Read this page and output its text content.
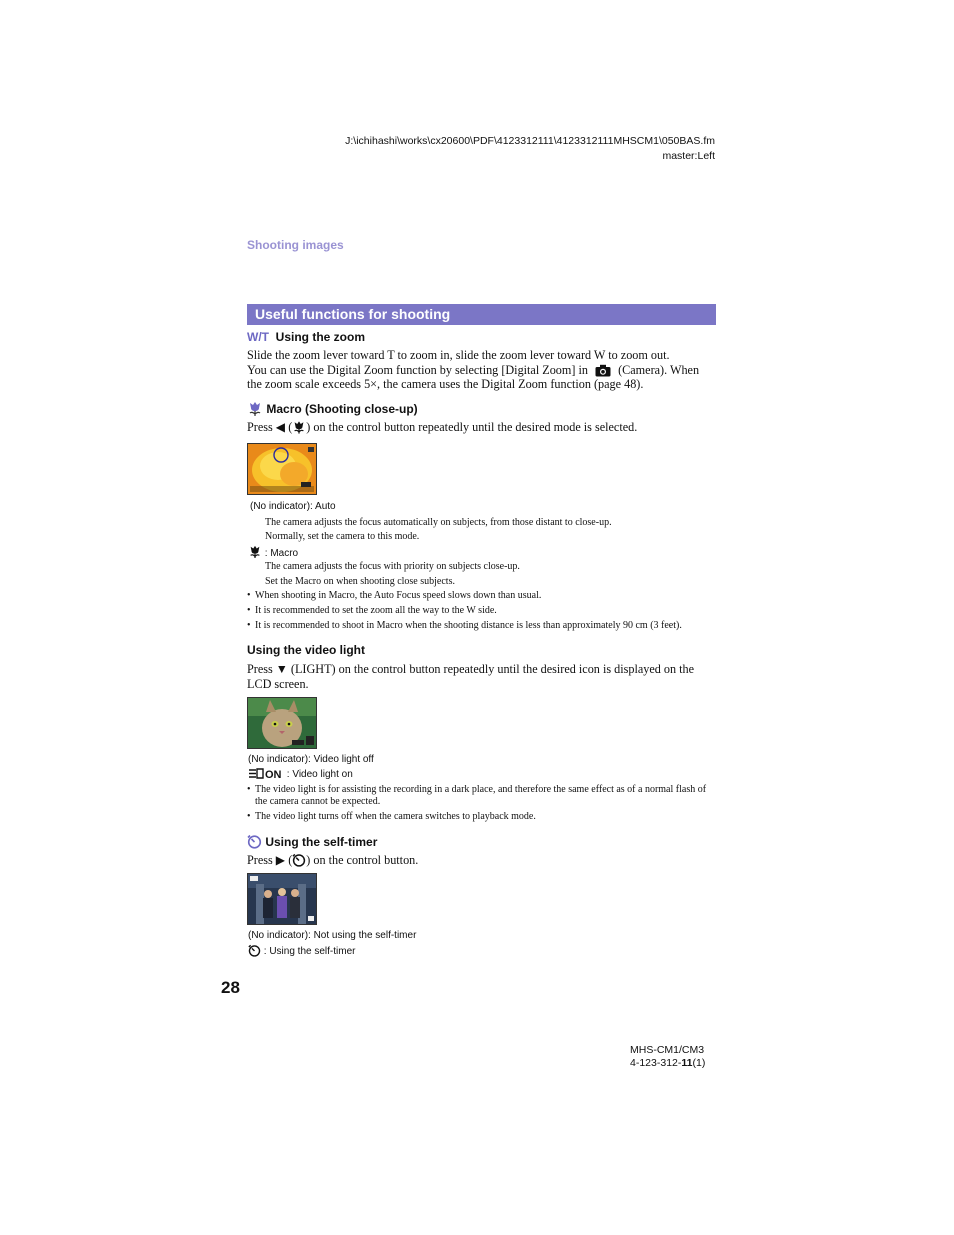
J:\ichihashi\works\cx20600\PDF\4123312111\4123312111MHSCM1\050BAS.fm
master:Left
Shooting images
Useful functions for shooting
W/T Using the zoom
Slide the zoom lever toward T to zoom in, slide the zoom lever toward W to zoom out.
You can use the Digital Zoom function by selecting [Digital Zoom] in (Camera). When
the zoom scale exceeds 5×, the camera uses the Digital Zoom function (page 48).
Macro (Shooting close-up)
Press ◀ ( ) on the control button repeatedly until the desired mode is selected.
(No indicator): Auto
The camera adjusts the focus automatically on subjects, from those distant to close-up.
Normally, set the camera to this mode.
: Macro
The camera adjusts the focus with priority on subjects close-up.
Set the Macro on when shooting close subjects.
• When shooting in Macro, the Auto Focus speed slows down than usual.
• It is recommended to set the zoom all the way to the W side.
• It is recommended to shoot in Macro when the shooting distance is less than approximately 90 cm (3 feet).
Using the video light
Press ▼ (LIGHT) on the control button repeatedly until the desired icon is displayed on the
LCD screen.
(No indicator): Video light off
ON : Video light on
• The video light is for assisting the recording in a dark place, and therefore the same effect as of a normal flash of the camera cannot be expected.
• The video light turns off when the camera switches to playback mode.
Using the self-timer
Press ▶ ( ) on the control button.
(No indicator): Not using the self-timer
: Using the self-timer
28
MHS-CM1/CM3
4-123-312-11(1)
